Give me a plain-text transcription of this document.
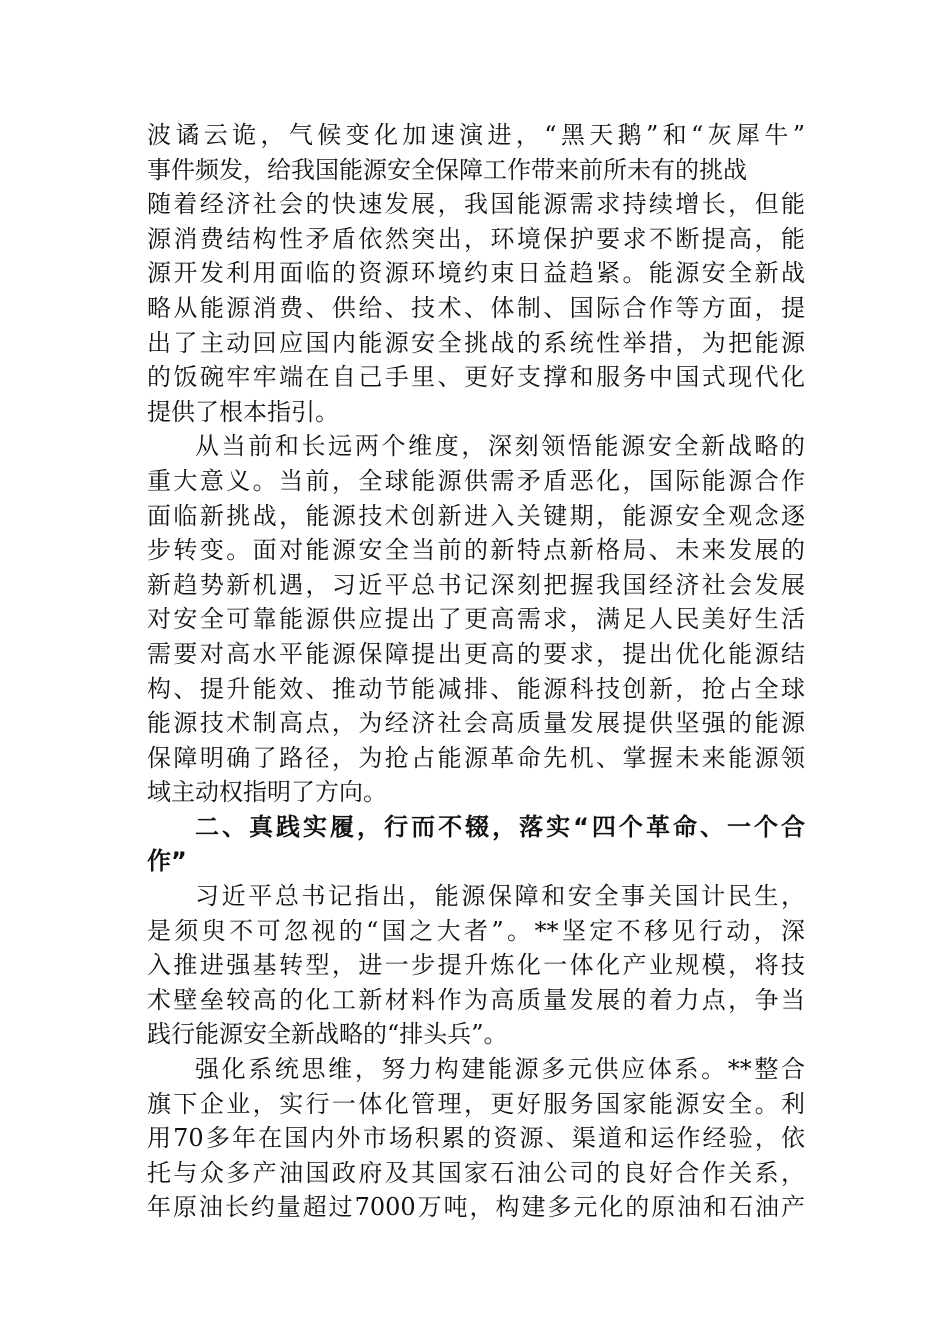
波谲云诡，气候变化加速演进，“黑天鹅”和“灰犀牛”
事件频发，给我国能源安全保障工作带来前所未有的挑战
随着经济社会的快速发展，我国能源需求持续增长，但能
源消费结构性矛盾依然突出，环境保护要求不断提高，能
源开发利用面临的资源环境约束日益趋紧。能源安全新战
略从能源消费、供给、技术、体制、国际合作等方面，提
出了主动回应国内能源安全挑战的系统性举措，为把能源
的饭碗牢牢端在自己手里、更好支撑和服务中国式现代化
提供了根本指引。
从当前和长远两个维度，深刻领悟能源安全新战略的
重大意义。当前，全球能源供需矛盾恶化，国际能源合作
面临新挑战，能源技术创新进入关键期，能源安全观念逐
步转变。面对能源安全当前的新特点新格局、未来发展的
新趋势新机遇，习近平总书记深刻把握我国经济社会发展
对安全可靠能源供应提出了更高需求，满足人民美好生活
需要对高水平能源保障提出更高的要求，提出优化能源结
构、提升能效、推动节能减排、能源科技创新，抢占全球
能源技术制高点，为经济社会高质量发展提供坚强的能源
保障明确了路径，为抢占能源革命先机、掌握未来能源领
域主动权指明了方向。
二、真践实履，行而不辍，落实“四个革命、一个合
作”
习近平总书记指出，能源保障和安全事关国计民生，
是须臾不可忽视的“国之大者”。**坚定不移见行动，深
入推进强基转型，进一步提升炼化一体化产业规模，将技
术壁垒较高的化工新材料作为高质量发展的着力点，争当
践行能源安全新战略的“排头兵”。
强化系统思维，努力构建能源多元供应体系。**整合
旗下企业，实行一体化管理，更好服务国家能源安全。利
用70多年在国内外市场积累的资源、渠道和运作经验，依
托与众多产油国政府及其国家石油公司的良好合作关系，
年原油长约量超过7000万吨，构建多元化的原油和石油产
